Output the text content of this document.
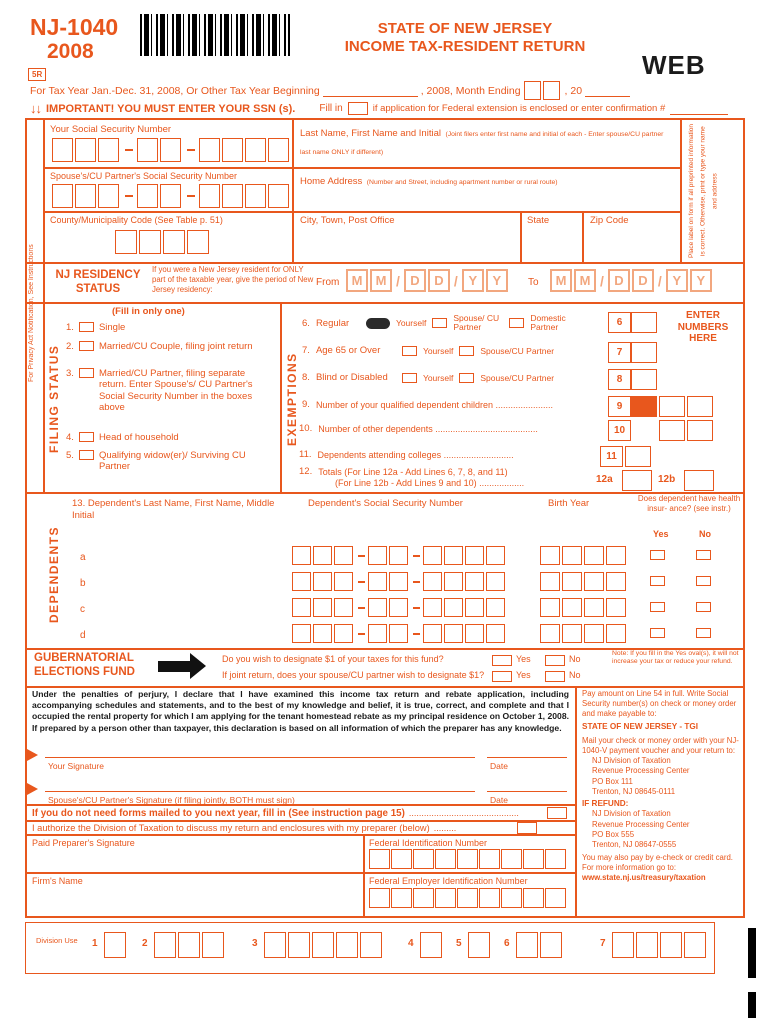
NJ-1040
2008
5R
STATE OF NEW JERSEY
INCOME TAX-RESIDENT RETURN
WEB
For Tax Year Jan.-Dec. 31, 2008, Or Other Tax Year Beginning	, 2008, Month Ending	, 20
↓↓ IMPORTANT! YOU MUST ENTER YOUR SSN (s). Fill in	if application for Federal extension is enclosed or enter confirmation #
For Privacy Act Notification, See Instructions
Place label on form if all preprinted information is correct. Otherwise, print or type your name and address
Your Social Security Number
Spouse's/CU Partner's Social Security Number
County/Municipality Code (See Table p. 51)
Last Name, First Name and Initial (Joint filers enter first name and initial of each - Enter spouse/CU partner last name ONLY if different)
Home Address (Number and Street, including apartment number or rural route)
City, Town, Post Office	State	Zip Code
NJ RESIDENCY STATUS
If you were a New Jersey resident for ONLY part of the taxable year, give the period of New Jersey residency:
From M	M / D	D / Y	Y	To	M	M / D	D / Y	Y
FILING STATUS
(Fill in only one)
1.	Single
2.	Married/CU Couple, filing joint return
3.	Married/CU Partner, filing separate return. Enter Spouse's/ CU Partner's Social Security Number in the boxes above
4.	Head of household
5.	Qualifying widow(er)/ Surviving CU Partner
EXEMPTIONS
ENTER NUMBERS HERE
6. Regular	Yourself
Spouse/ CU Partner
Domestic Partner
7. Age 65 or Over	Yourself	Spouse/CU Partner
8. Blind or Disabled	Yourself	Spouse/CU Partner
9. Number of your qualified dependent children .......................
10. Number of other dependents .........................................
11. Dependents attending colleges ............................
12. Totals (For Line 12a - Add Lines 6, 7, 8, and 11)
(For Line 12b - Add Lines 9 and 10) ..................
6
7
8
9
10
11
12a	12b
DEPENDENTS
13. Dependent's Last Name, First Name, Middle Initial
Dependent's Social Security Number	Birth Year	Does dependent have health insur- ance? (see instr.)
Yes	No
a
b
c
d
GUBERNATORIAL
ELECTIONS FUND
Do you wish to designate $1 of your taxes for this fund?
If joint return, does your spouse/CU partner wish to designate $1?
Yes	No
Yes	No
Note: If you fill in the Yes oval(s), it will not increase your tax or reduce your refund.
Under the penalties of perjury, I declare that I have examined this income tax return and rebate application, including accompanying schedules and statements, and to the best of my knowledge and belief, it is true, correct, and complete and that I occupied the rental property for which I am applying for the tenant homestead rebate as my principal residence on October 1, 2008. If prepared by a person other than taxpayer, this declaration is based on all information of which the preparer has any knowledge.
Your Signature	Date
Spouse's/CU Partner's Signature (if filing jointly, BOTH must sign)	Date
If you do not need forms mailed to you next year, fill in (See instruction page 15) ............................................
I authorize the Division of Taxation to discuss my return and enclosures with my preparer (below) .........
Paid Preparer's Signature	Federal Identification Number
Firm's Name	Federal Employer Identification Number
Pay amount on Line 54 in full. Write Social Security number(s) on check or money order and make payable to:
STATE OF NEW JERSEY - TGI
Mail your check or money order with your NJ-1040-V payment voucher and your return to:
NJ Division of Taxation
Revenue Processing Center
PO Box 111
Trenton, NJ 08645-0111
IF REFUND:
NJ Division of Taxation
Revenue Processing Center
PO Box 555
Trenton, NJ 08647-0555
You may also pay by e-check or credit card. For more information go to:
www.state.nj.us/treasury/taxation
Division Use 1	2	3	4	5	6	7
